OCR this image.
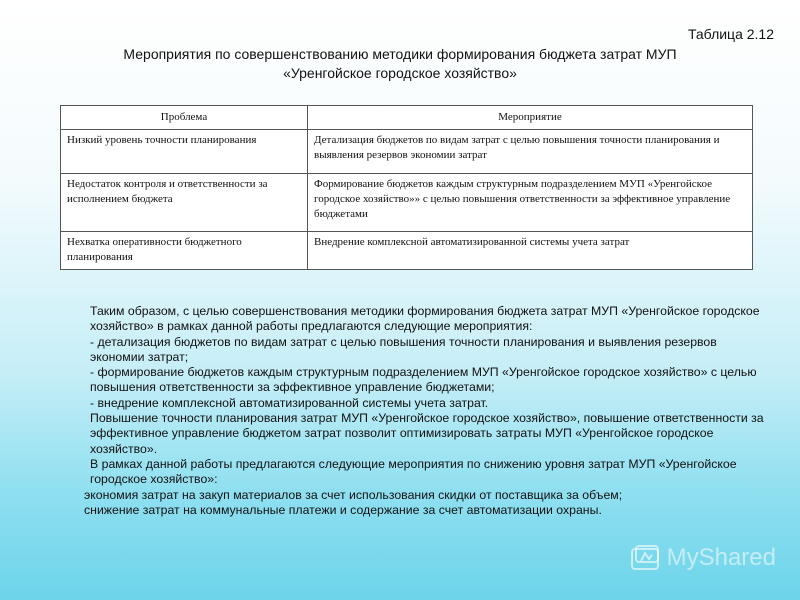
Таблица 2.12
Мероприятия по совершенствованию методики формирования бюджета затрат МУП
«Уренгойское городское хозяйство»
Проблема	Мероприятие
Низкий уровень точности планирования	Детализация бюджетов по видам затрат с целью повышения точности планирования и выявления резервов экономии затрат
Недостаток контроля и ответственности за исполнением бюджета	Формирование бюджетов каждым структурным подразделением МУП «Уренгойское городское хозяйство»» с целью повышения ответственности за эффективное управление бюджетами
Нехватка оперативности бюджетного планирования	Внедрение комплексной автоматизированной системы учета затрат

Таким образом, с целью совершенствования методики формирования бюджета затрат МУП «Уренгойское городское хозяйство» в рамках данной работы предлагаются следующие мероприятия:

- детализация бюджетов по видам затрат с целью повышения точности планирования и выявления резервов экономии затрат;

- формирование бюджетов каждым структурным подразделением МУП «Уренгойское городское хозяйство» с целью повышения ответственности за эффективное управление бюджетами;

- внедрение комплексной автоматизированной системы учета затрат.

Повышение точности планирования затрат МУП «Уренгойское городское хозяйство», повышение ответственности за эффективное управление бюджетом затрат позволит оптимизировать затраты МУП «Уренгойское городское хозяйство».

В рамках данной работы предлагаются следующие мероприятия по снижению уровня затрат МУП «Уренгойское городское хозяйство»:

экономия затрат на закуп материалов за счет использования скидки от поставщика за объем;

снижение затрат на коммунальные платежи и содержание за счет автоматизации охраны.

MyShared
